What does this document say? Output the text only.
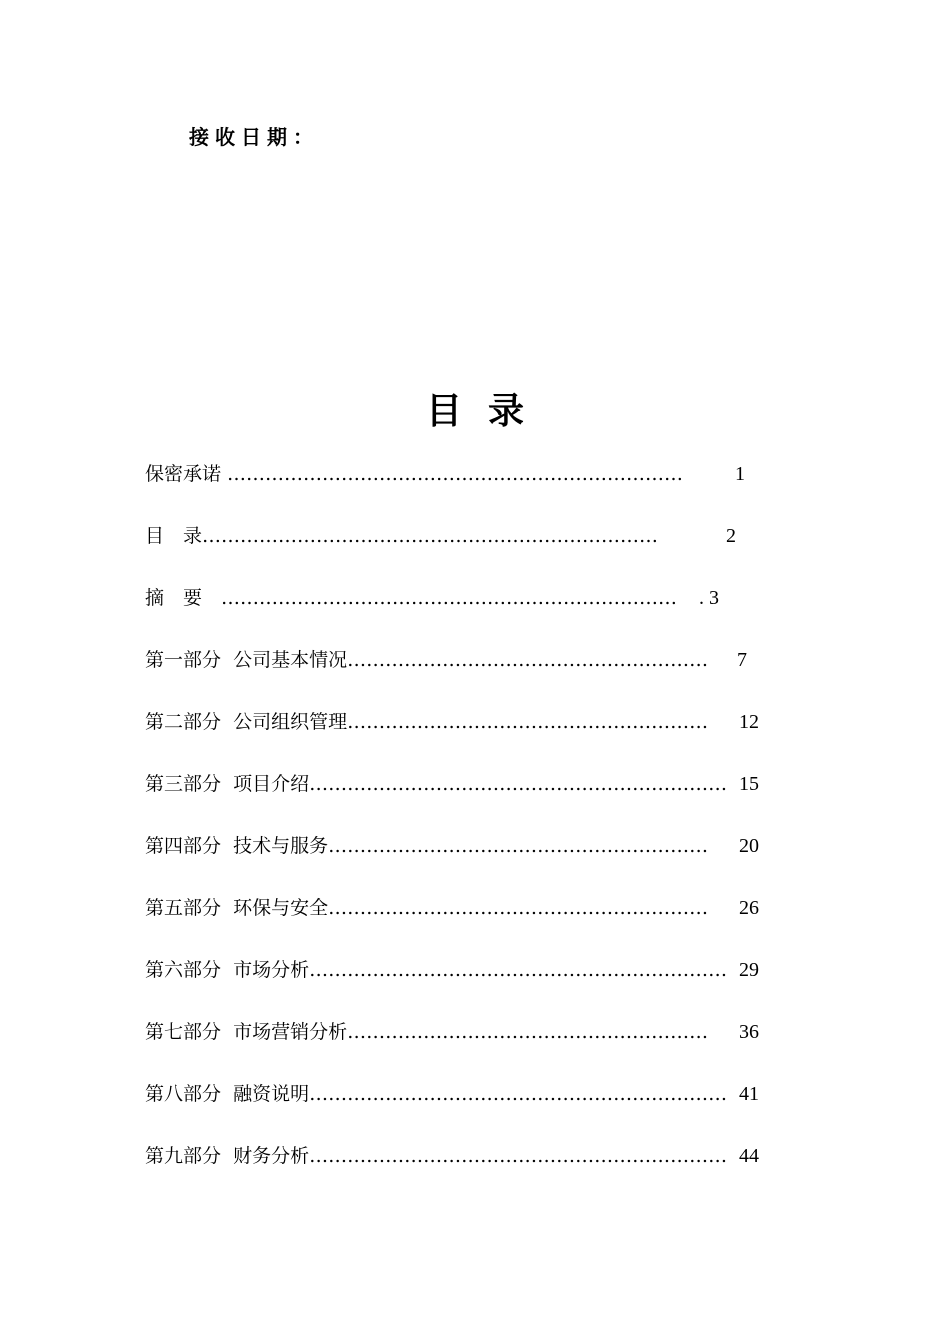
接收日期：
目录
保密承诺 ………………………………………………………………	1
目　录 ………………………………………………………………	2
摘　要　 ………………………………………………………………	. 3
第一部分  公司基本情况 …………………………………………………	7
第二部分  公司组织管理 …………………………………………………	12
第三部分  项目介绍 ………………………………………………………… 15
第四部分  技术与服务 ……………………………………………………	20
第五部分  环保与安全 ……………………………………………………	26
第六部分  市场分析 ………………………………………………………… 29
第七部分  市场营销分析 …………………………………………………	36
第八部分  融资说明 ………………………………………………………… 41
第九部分  财务分析 ………………………………………………………… 44
